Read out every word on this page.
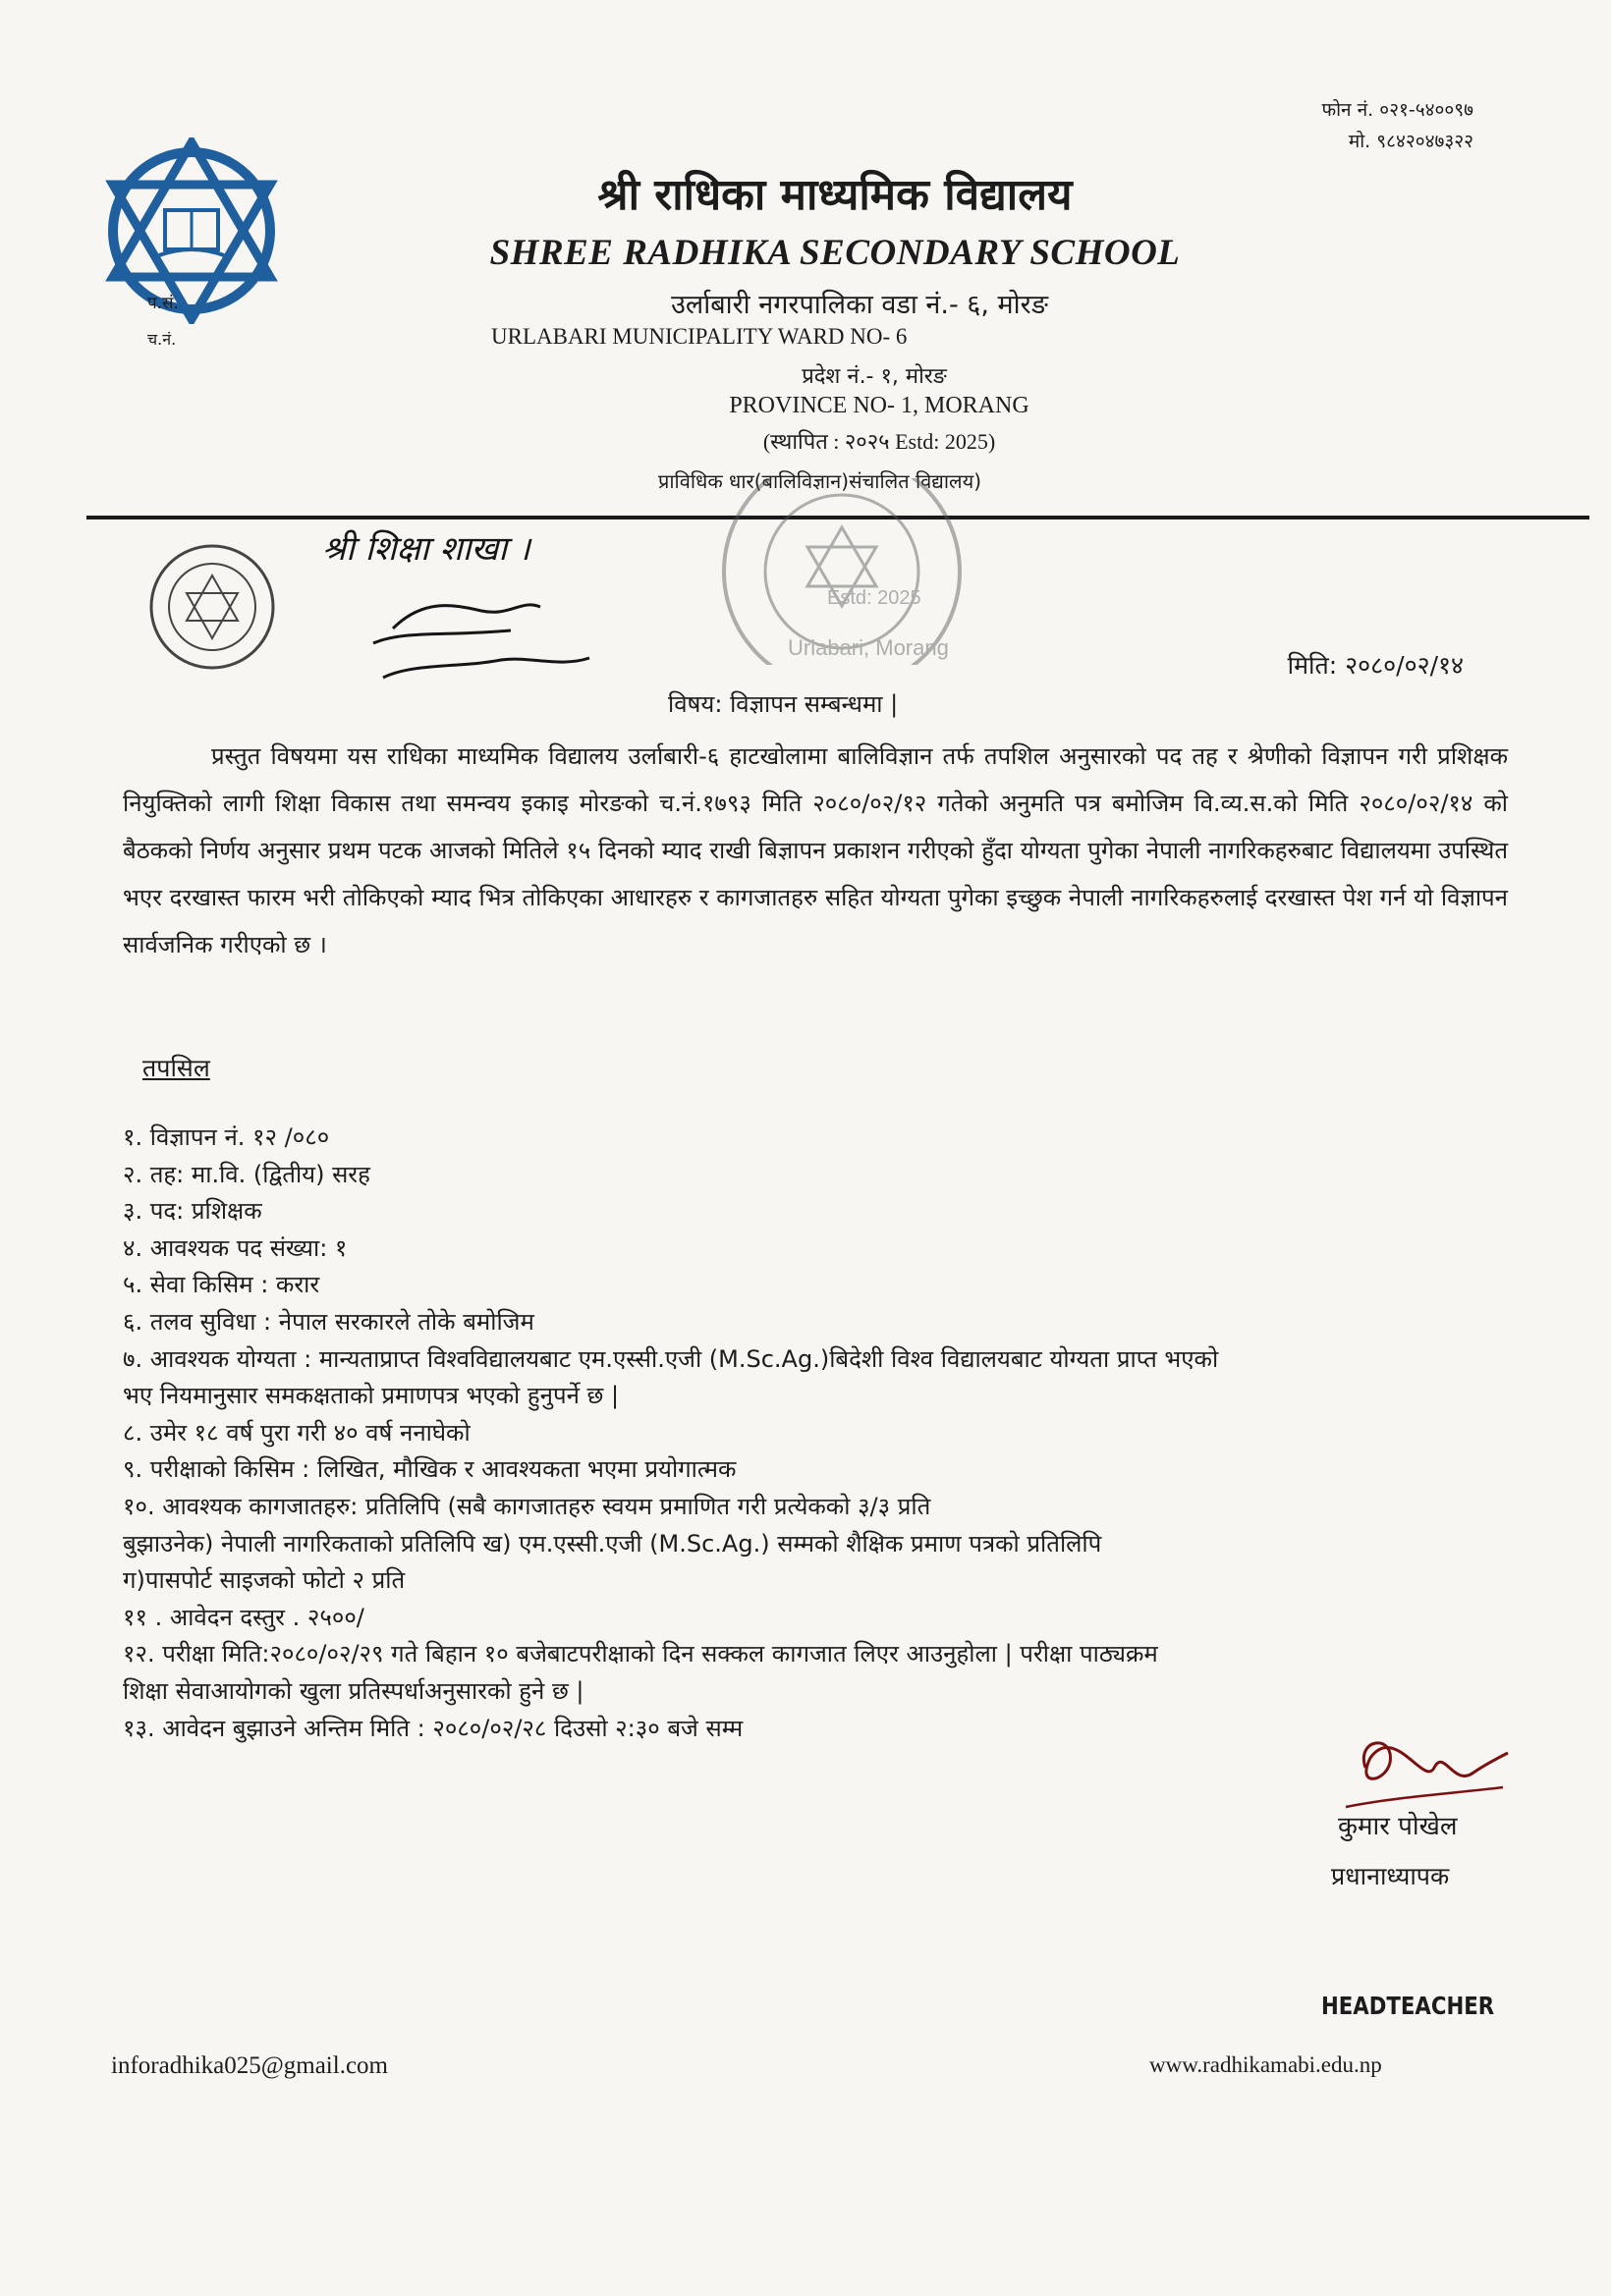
फोन नं. ०२१-५४००९७
मो. ९८४२०४७३२२
प.सं.
च.नं.
श्री राधिका माध्यमिक विद्यालय
SHREE RADHIKA SECONDARY SCHOOL
उर्लाबारी नगरपालिका वडा नं.- ६, मोरङ
URLABARI MUNICIPALITY WARD NO- 6
प्रदेश नं.- १, मोरङ
PROVINCE NO- 1, MORANG
(स्थापित : २०२५ Estd: 2025)
प्राविधिक धार(बालिविज्ञान)संचालित विद्यालय)
Estd: 2025
Urlabari, Morang
श्री शिक्षा शाखा ।
मिति: २०८०/०२/१४
विषय: विज्ञापन सम्बन्धमा |
प्रस्तुत विषयमा यस राधिका माध्यमिक विद्यालय उर्लाबारी-६ हाटखोलामा बालिविज्ञान तर्फ तपशिल अनुसारको पद तह र श्रेणीको विज्ञापन गरी प्रशिक्षक नियुक्तिको लागी शिक्षा विकास तथा समन्वय इकाइ मोरङको च.नं.१७९३ मिति २०८०/०२/१२ गतेको अनुमति पत्र बमोजिम वि.व्य.स.को मिति २०८०/०२/१४ को बैठकको निर्णय अनुसार प्रथम पटक आजको मितिले १५ दिनको म्याद राखी बिज्ञापन प्रकाशन गरीएको हुँदा योग्यता पुगेका नेपाली नागरिकहरुबाट विद्यालयमा उपस्थित भएर दरखास्त फारम भरी तोकिएको म्याद भित्र तोकिएका आधारहरु र कागजातहरु सहित योग्यता पुगेका इच्छुक नेपाली नागरिकहरुलाई दरखास्त पेश गर्न यो विज्ञापन सार्वजनिक गरीएको छ ।
तपसिल
१. विज्ञापन नं. १२ /०८०
२. तह: मा.वि. (द्वितीय) सरह
३. पद: प्रशिक्षक
४. आवश्यक पद संख्या: १
५. सेवा किसिम : करार
६. तलव सुविधा : नेपाल सरकारले तोके बमोजिम
७. आवश्यक योग्यता : मान्यताप्राप्त विश्वविद्यालयबाट एम.एस्सी.एजी (M.Sc.Ag.)बिदेशी विश्व विद्यालयबाट योग्यता प्राप्त भएको
भए नियमानुसार समकक्षताको प्रमाणपत्र भएको हुनुपर्ने छ |
८. उमेर १८ वर्ष पुरा गरी ४० वर्ष ननाघेको
९. परीक्षाको किसिम : लिखित, मौखिक र आवश्यकता भएमा प्रयोगात्मक
१०. आवश्यक कागजातहरु: प्रतिलिपि (सबै कागजातहरु स्वयम प्रमाणित गरी प्रत्येकको ३/३ प्रति
बुझाउनेक) नेपाली नागरिकताको प्रतिलिपि ख) एम.एस्सी.एजी (M.Sc.Ag.) सम्मको शैक्षिक प्रमाण पत्रको प्रतिलिपि
ग)पासपोर्ट साइजको फोटो २ प्रति
११ . आवेदन दस्तुर . २५००/
१२. परीक्षा मिति:२०८०/०२/२९ गते बिहान १० बजेबाटपरीक्षाको दिन सक्कल कागजात लिएर आउनुहोला | परीक्षा पाठ्यक्रम
शिक्षा सेवाआयोगको खुला प्रतिस्पर्धाअनुसारको हुने छ |
१३. आवेदन बुझाउने अन्तिम मिति : २०८०/०२/२८ दिउसो २:३० बजे सम्म
कुमार पोखेल
प्रधानाध्यापक
HEADTEACHER
inforadhika025@gmail.com	www.radhikamabi.edu.np
